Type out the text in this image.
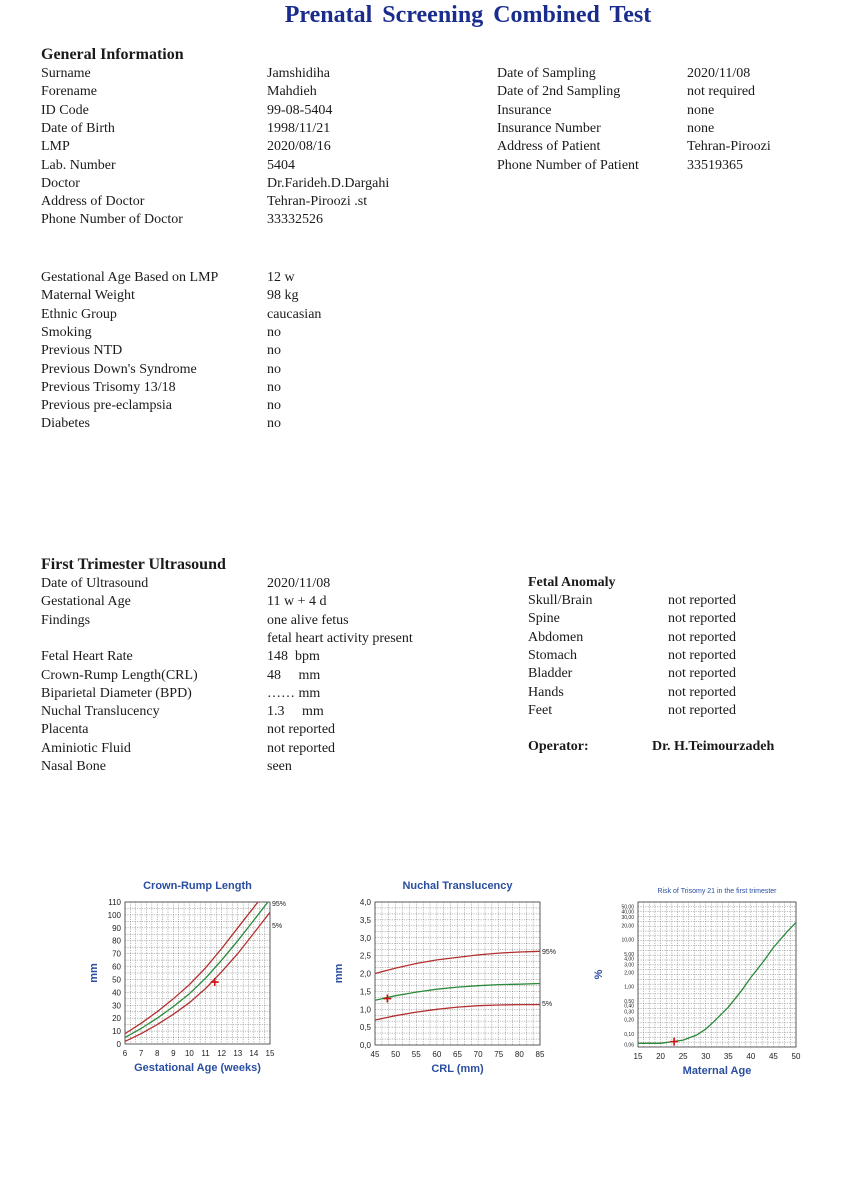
Prenatal Screening Combined Test
General Information
Surname	Jamshidiha
Forename	Mahdieh
ID Code	99-08-5404
Date of Birth	1998/11/21
LMP	2020/08/16
Lab. Number	5404
Doctor	Dr.Farideh.D.Dargahi
Address of Doctor	Tehran-Piroozi .st
Phone Number of Doctor	33332526
Date of Sampling	2020/11/08
Date of 2nd Sampling	not required
Insurance	none
Insurance Number	none
Address of Patient	Tehran-Piroozi
Phone Number of Patient	33519365
Gestational Age Based on LMP	12 w
Maternal Weight	98 kg
Ethnic Group	caucasian
Smoking	no
Previous NTD	no
Previous Down's Syndrome	no
Previous Trisomy 13/18	no
Previous pre-eclampsia	no
Diabetes	no
First Trimester Ultrasound
Date of Ultrasound	2020/11/08
Gestational Age	11 w + 4 d
Findings	one alive fetus
fetal heart activity present
Fetal Heart Rate	148  bpm
Crown-Rump Length(CRL)	48     mm
Biparietal Diameter (BPD)	…… mm
Nuchal Translucency	1.3     mm
Placenta	not reported
Aminiotic Fluid	not reported
Nasal Bone	seen
Fetal Anomaly
Skull/Brain	not reported
Spine	not reported
Abdomen	not reported
Stomach	not reported
Bladder	not reported
Hands	not reported
Feet	not reported
Operator:	Dr. H.Teimourzadeh
Crown-Rump Length
6 7 8 9 10 11 12 13 14 15
0
10
20
30
40
50
60
70
80
90
100
110
Gestational Age (weeks)
mm
95%
5%
Nuchal Translucency
45 50 55 60 65 70 75 80 85
0,0
0,5
1,0
1,5
2,0
2,5
3,0
3,5
4,0
CRL (mm)
mm
95%
5%
Risk of Trisomy 21 in the first trimester
15 20 25 30 35 40 45 50
0,06
0,10
0,20
0,30
0,40
0,50
1,00
2,00
3,00
4,00
5,00
10,00
20,00
30,00
40,00
50,00
Maternal Age
%
